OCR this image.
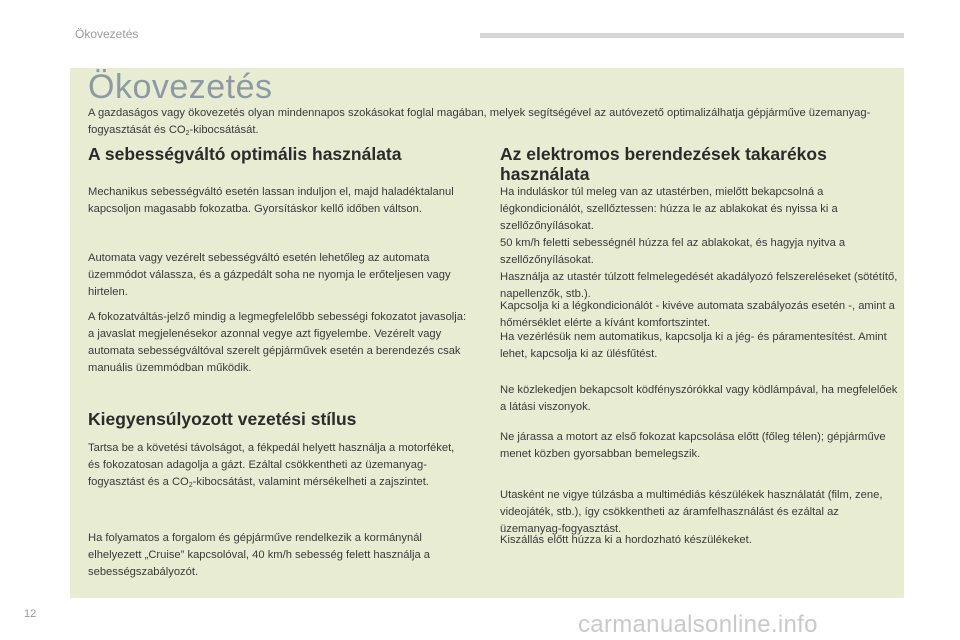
Ökovezetés
Ökovezetés
A gazdaságos vagy ökovezetés olyan mindennapos szokásokat foglal magában, melyek segítségével az autóvezető optimalizálhatja gépjárműve üzemanyag-fogyasztását és $CO_2$-kibocsátását.
A sebességváltó optimális használata

Mechanikus sebességváltó esetén lassan induljon el, majd haladéktalanul kapcsoljon magasabb fokozatba. Gyorsításkor kellő időben váltson.

Automata vagy vezérelt sebességváltó esetén lehetőleg az automata üzemmódot válassza, és a gázpedált soha ne nyomja le erőteljesen vagy hirtelen.

A fokozatváltás-jelző mindig a legmegfelelőbb sebességi fokozatot javasolja: a javaslat megjelenésekor azonnal vegye azt figyelembe. Vezérelt vagy automata sebességváltóval szerelt gépjárművek esetén a berendezés csak manuális üzemmódban működik.

Kiegyensúlyozott vezetési stílus

Tartsa be a követési távolságot, a fékpedál helyett használja a motorféket, és fokozatosan adagolja a gázt. Ezáltal csökkentheti az üzemanyag-fogyasztást és a $CO_2$-kibocsátást, valamint mérsékelheti a zajszintet.

Ha folyamatos a forgalom és gépjárműve rendelkezik a kormánynál elhelyezett „Cruise” kapcsolóval, 40 km/h sebesség felett használja a sebességszabályozót.

Az elektromos berendezések takarékos használata

Ha induláskor túl meleg van az utastérben, mielőtt bekapcsolná a légkondicionálót, szellőztessen: húzza le az ablakokat és nyissa ki a szellőzőnyílásokat.

50 km/h feletti sebességnél húzza fel az ablakokat, és hagyja nyitva a szellőzőnyílásokat.

Használja az utastér túlzott felmelegedését akadályozó felszereléseket (sötétítő, napellenzők, stb.).

Kapcsolja ki a légkondicionálót - kivéve automata szabályozás esetén -, amint a hőmérséklet elérte a kívánt komfortszintet.

Ha vezérlésük nem automatikus, kapcsolja ki a jég- és páramentesítést. Amint lehet, kapcsolja ki az ülésfűtést.

Ne közlekedjen bekapcsolt ködfényszórókkal vagy ködlámpával, ha megfelelőek a látási viszonyok.

Ne járassa a motort az első fokozat kapcsolása előtt (főleg télen); gépjárműve menet közben gyorsabban bemelegszik.

Utasként ne vigye túlzásba a multimédiás készülékek használatát (film, zene, videojáték, stb.), így csökkentheti az áramfelhasználást és ezáltal az üzemanyag-fogyasztást.

Kiszállás előtt húzza ki a hordozható készülékeket.

12	carmanualsonline.info
